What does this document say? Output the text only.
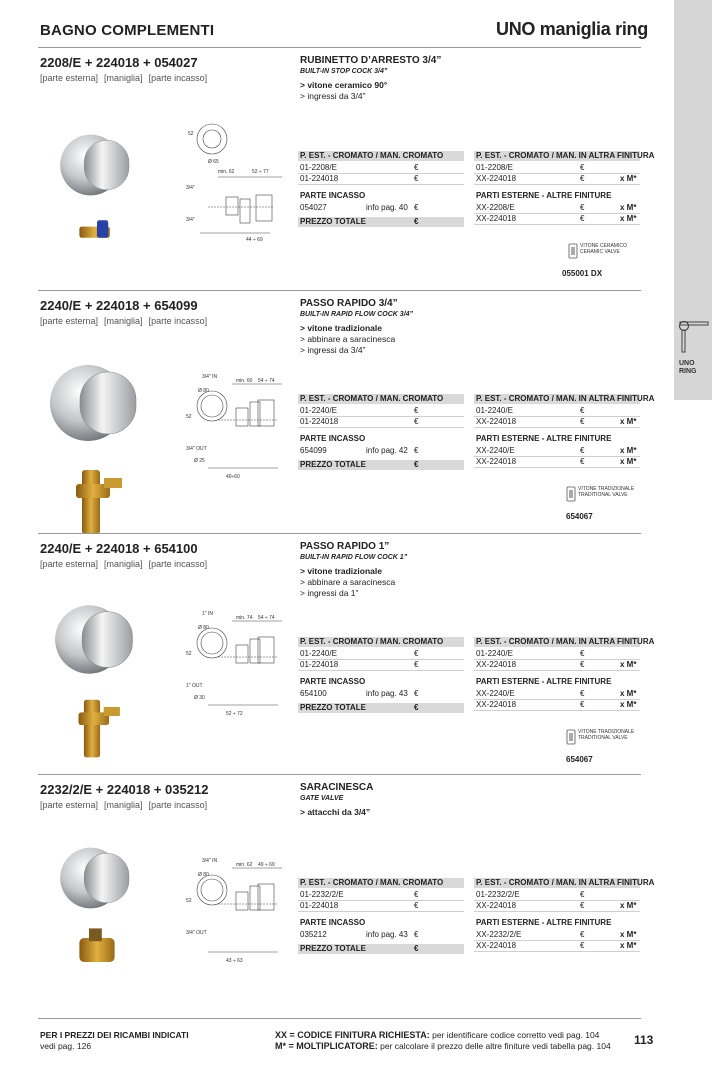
BAGNO COMPLEMENTI	UNO maniglia ring
UNO
RING
2208/E + 224018 + 054027
[parte esterna] [maniglia] [parte incasso]
RUBINETTO D’ARRESTO 3/4”
BUILT-IN STOP COCK 3/4”
> vitone ceramico 90°
> ingressi da 3/4”
Ø 65
min. 62	52 ÷ 77
3/4"
3/4"
44 ÷ 69
52
P. EST. - CROMATO / MAN. CROMATO
01-2208/E	€
01-224018	€
PARTE INCASSO
054027	info pag. 40 €
PREZZO TOTALE	€
P. EST. - CROMATO / MAN. IN ALTRA FINITURA
01-2208/E	€
XX-224018	€	x M*
PARTI ESTERNE - ALTRE FINITURE
XX-2208/E	€	x M*
XX-224018	€	x M*
VITONE CERAMICO CERAMIC VALVE
055001 DX
2240/E + 224018 + 654099
[parte esterna] [maniglia] [parte incasso]
PASSO RAPIDO 3/4”
BUILT-IN RAPID FLOW COCK 3/4”
> vitone tradizionale
> abbinare a saracinesca
> ingressi da 3/4”
Ø 80
min. 60 54 ÷ 74
3/4" IN
3/4" OUT
40÷60
52
Ø 25
P. EST. - CROMATO / MAN. CROMATO
01-2240/E	€
01-224018	€
PARTE INCASSO
654099	info pag. 42 €
PREZZO TOTALE	€
P. EST. - CROMATO / MAN. IN ALTRA FINITURA
01-2240/E	€
XX-224018	€	x M*
PARTI ESTERNE - ALTRE FINITURE
XX-2240/E	€	x M*
XX-224018	€	x M*
VITONE TRADIZIONALE TRADITIONAL VALVE
654067
2240/E + 224018 + 654100
[parte esterna] [maniglia] [parte incasso]
PASSO RAPIDO 1”
BUILT-IN RAPID FLOW COCK 1”
> vitone tradizionale
> abbinare a saracinesca
> ingressi da 1”
Ø 80
min. 74 54 ÷ 74
1" IN
1" OUT
52 ÷ 72
52
Ø 30
P. EST. - CROMATO / MAN. CROMATO
01-2240/E	€
01-224018	€
PARTE INCASSO
654100	info pag. 43 €
PREZZO TOTALE	€
P. EST. - CROMATO / MAN. IN ALTRA FINITURA
01-2240/E	€
XX-224018	€	x M*
PARTI ESTERNE - ALTRE FINITURE
XX-2240/E	€	x M*
XX-224018	€	x M*
VITONE TRADIZIONALE TRADITIONAL VALVE
654067
2232/2/E + 224018 + 035212
[parte esterna] [maniglia] [parte incasso]
SARACINESCA
GATE VALVE
> attacchi da 3/4”
Ø 80
min. 62 49 ÷ 69
3/4" IN
3/4" OUT
43 ÷ 63
52
P. EST. - CROMATO / MAN. CROMATO
01-2232/2/E	€
01-224018	€
PARTE INCASSO
035212	info pag. 43 €
PREZZO TOTALE	€
P. EST. - CROMATO / MAN. IN ALTRA FINITURA
01-2232/2/E	€
XX-224018	€	x M*
PARTI ESTERNE - ALTRE FINITURE
XX-2232/2/E	€	x M*
XX-224018	€	x M*
PER I PREZZI DEI RICAMBI INDICATI
vedi pag. 126
XX = CODICE FINITURA RICHIESTA: per identificare codice corretto vedi pag. 104
M* = MOLTIPLICATORE: per calcolare il prezzo delle altre finiture vedi tabella pag. 104 113
